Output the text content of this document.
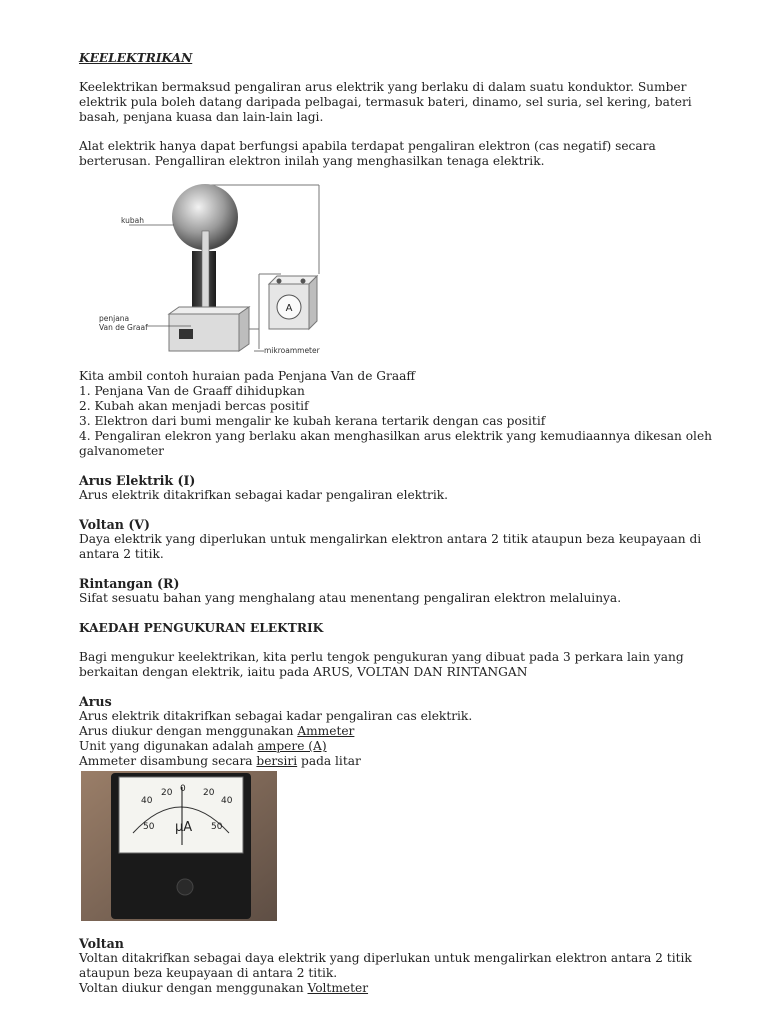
KEELEKTRIKAN

Keelektrikan bermaksud pengaliran arus elektrik yang berlaku di dalam suatu konduktor. Sumber elektrik pula boleh datang daripada pelbagai, termasuk bateri, dinamo, sel suria, sel kering, bateri basah, penjana kuasa dan lain-lain lagi.

Alat elektrik hanya dapat berfungsi apabila terdapat pengaliran elektron (cas negatif) secara berterusan. Pengalliran elektron inilah yang menghasilkan tenaga elektrik.

A
kubah
penjana
Van de Graaf
mikroammeter

Kita ambil contoh huraian pada Penjana Van de Graaff

1. Penjana Van de Graaff dihidupkan

2. Kubah akan menjadi bercas positif

3. Elektron dari bumi mengalir ke kubah kerana tertarik dengan cas positif

4. Pengaliran elekron yang berlaku akan menghasilkan arus elektrik yang kemudiaannya dikesan oleh galvanometer

Arus Elektrik (I)

Arus elektrik ditakrifkan sebagai kadar pengaliran elektrik.

Voltan (V)

Daya elektrik yang diperlukan untuk mengalirkan elektron antara 2 titik ataupun beza keupayaan di antara 2 titik.

Rintangan (R)

Sifat sesuatu bahan yang menghalang atau menentang pengaliran elektron melaluinya.

KAEDAH PENGUKURAN ELEKTRIK

Bagi mengukur keelektrikan, kita perlu tengok pengukuran yang dibuat pada 3 perkara lain yang berkaitan dengan elektrik, iaitu pada ARUS, VOLTAN DAN RINTANGAN

Arus

Arus elektrik ditakrifkan sebagai kadar pengaliran cas elektrik.

Arus diukur dengan menggunakan Ammeter

Unit yang digunakan adalah ampere (A)

Ammeter disambung secara bersiri pada litar

40
20 0 20
40
50	50
μA

Voltan

Voltan ditakrifkan sebagai daya elektrik yang diperlukan untuk mengalirkan elektron antara 2 titik ataupun beza keupayaan di antara 2 titik.

Voltan diukur dengan menggunakan Voltmeter
